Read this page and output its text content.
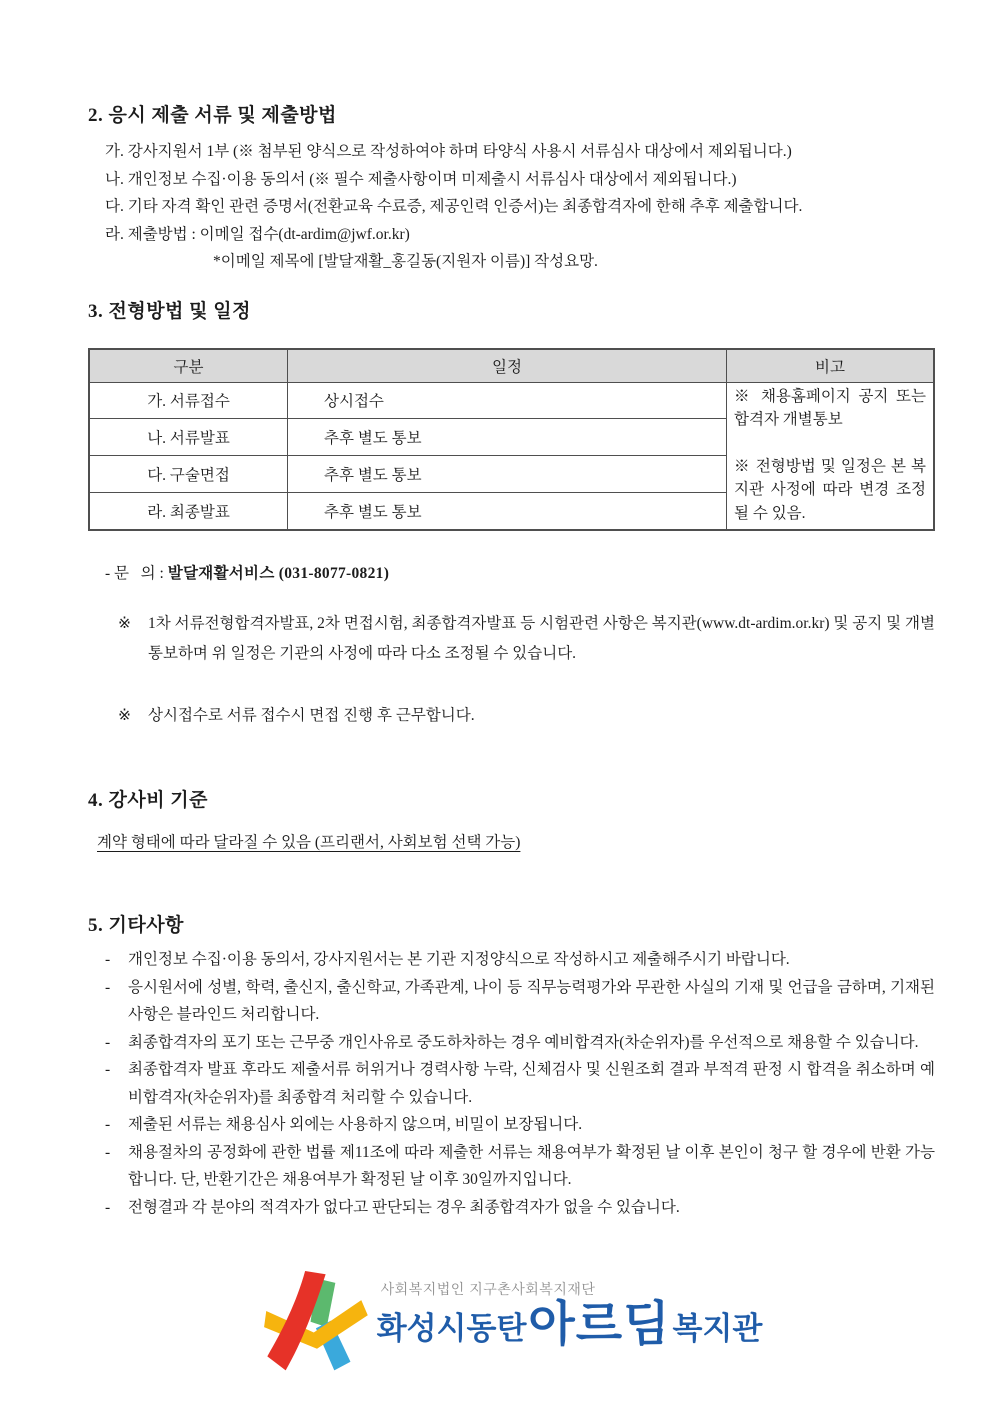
2. 응시 제출 서류 및 제출방법

가. 강사지원서 1부 (※ 첨부된 양식으로 작성하여야 하며 타양식 사용시 서류심사 대상에서 제외됩니다.)

나. 개인정보 수집·이용 동의서 (※ 필수 제출사항이며 미제출시 서류심사 대상에서 제외됩니다.)

다. 기타 자격 확인 관련 증명서(전환교육 수료증, 제공인력 인증서)는 최종합격자에 한해 추후 제출합니다.

라. 제출방법 : 이메일 접수(dt-ardim@jwf.or.kr)

*이메일 제목에 [발달재활_홍길동(지원자 이름)] 작성요망.

3. 전형방법 및 일정
구분	일정	비고
가. 서류접수	상시접수	※ 채용홈페이지 공지 또는 합격자 개별통보

※ 전형방법 및 일정은 본 복지관 사정에 따라 변경 조정될 수 있음.

나. 서류발표	추후 별도 통보	
다. 구술면접	추후 별도 통보	
라. 최종발표	추후 별도 통보	

- 문   의 : 발달재활서비스 (031-8077-0821)

※	1차 서류전형합격자발표, 2차 면접시험, 최종합격자발표 등 시험관련 사항은 복지관(www.dt-ardim.or.kr) 및 공지 및 개별통보하며 위 일정은 기관의 사정에 따라 다소 조정될 수 있습니다.
※	상시접수로 서류 접수시 면접 진행 후 근무합니다.
4. 강사비 기준

계약 형태에 따라 달라질 수 있음 (프리랜서, 사회보험 선택 가능)

5. 기타사항
-	개인정보 수집·이용 동의서, 강사지원서는 본 기관 지정양식으로 작성하시고 제출해주시기 바랍니다.
-	응시원서에 성별, 학력, 출신지, 출신학교, 가족관계, 나이 등 직무능력평가와 무관한 사실의 기재 및 언급을 금하며, 기재된 사항은 블라인드 처리합니다.
-	최종합격자의 포기 또는 근무중 개인사유로 중도하차하는 경우 예비합격자(차순위자)를 우선적으로 채용할 수 있습니다.
-	최종합격자 발표 후라도 제출서류 허위거나 경력사항 누락, 신체검사 및 신원조회 결과 부적격 판정 시 합격을 취소하며 예비합격자(차순위자)를 최종합격 처리할 수 있습니다.
-	제출된 서류는 채용심사 외에는 사용하지 않으며, 비밀이 보장됩니다.
-	채용절차의 공정화에 관한 법률 제11조에 따라 제출한 서류는 채용여부가 확정된 날 이후 본인이 청구 할 경우에 반환 가능합니다. 단, 반환기간은 채용여부가 확정된 날 이후 30일까지입니다.
-	전형결과 각 분야의 적격자가 없다고 판단되는 경우 최종합격자가 없을 수 있습니다.

사회복지법인 지구촌사회복지재단

화성시동탄 아르딤 복지관
